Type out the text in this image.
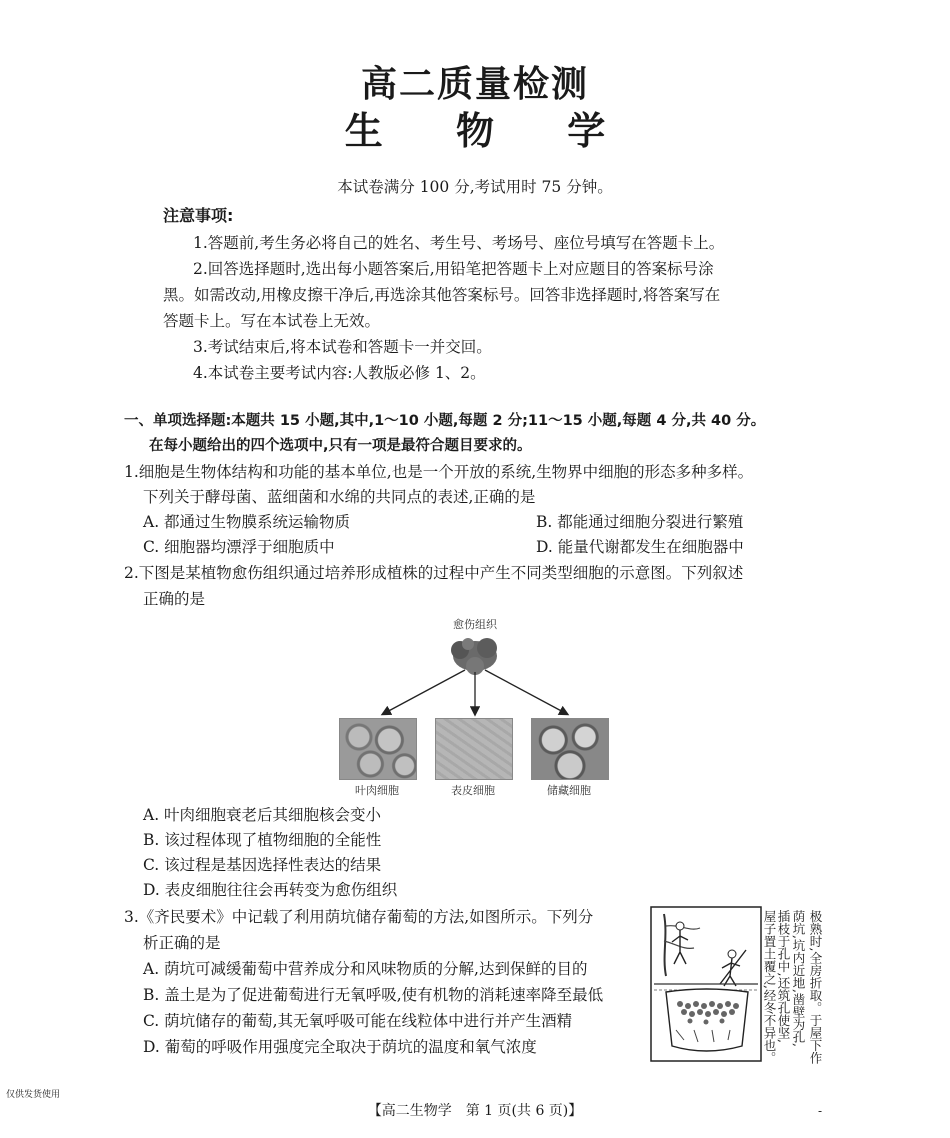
高二质量检测
生 物 学
本试卷满分 100 分,考试用时 75 分钟。
注意事项:
1.答题前,考生务必将自己的姓名、考生号、考场号、座位号填写在答题卡上。
2.回答选择题时,选出每小题答案后,用铅笔把答题卡上对应题目的答案标号涂
黑。如需改动,用橡皮擦干净后,再选涂其他答案标号。回答非选择题时,将答案写在
答题卡上。写在本试卷上无效。
3.考试结束后,将本试卷和答题卡一并交回。
4.本试卷主要考试内容:人教版必修 1、2。
一、单项选择题:本题共 15 小题,其中,1～10 小题,每题 2 分;11～15 小题,每题 4 分,共 40 分。
在每小题给出的四个选项中,只有一项是最符合题目要求的。
1.细胞是生物体结构和功能的基本单位,也是一个开放的系统,生物界中细胞的形态多种多样。
下列关于酵母菌、蓝细菌和水绵的共同点的表述,正确的是
A. 都通过生物膜系统运输物质	B. 都能通过细胞分裂进行繁殖
C. 细胞器均漂浮于细胞质中	D. 能量代谢都发生在细胞器中
2.下图是某植物愈伤组织通过培养形成植株的过程中产生不同类型细胞的示意图。下列叙述
正确的是
愈伤组织
叶肉细胞	表皮细胞	储藏细胞
A. 叶肉细胞衰老后其细胞核会变小
B. 该过程体现了植物细胞的全能性
C. 该过程是基因选择性表达的结果
D. 表皮细胞往往会再转变为愈伤组织
3.《齐民要术》中记载了利用荫坑储存葡萄的方法,如图所示。下列分
析正确的是
A. 荫坑可减缓葡萄中营养成分和风味物质的分解,达到保鲜的目的
B. 盖土是为了促进葡萄进行无氧呼吸,使有机物的消耗速率降至最低
C. 荫坑储存的葡萄,其无氧呼吸可能在线粒体中进行并产生酒精
D. 葡萄的呼吸作用强度完全取决于荫坑的温度和氧气浓度	极熟时,全房折取。于屋下作
荫坑,坑内近地,凿壁为孔,
插枝于孔中,还筑孔使坚,
屋子置土覆之,经冬不异也。
仅供发货使用
【高二生物学　第 1 页(共 6 页)】	-
